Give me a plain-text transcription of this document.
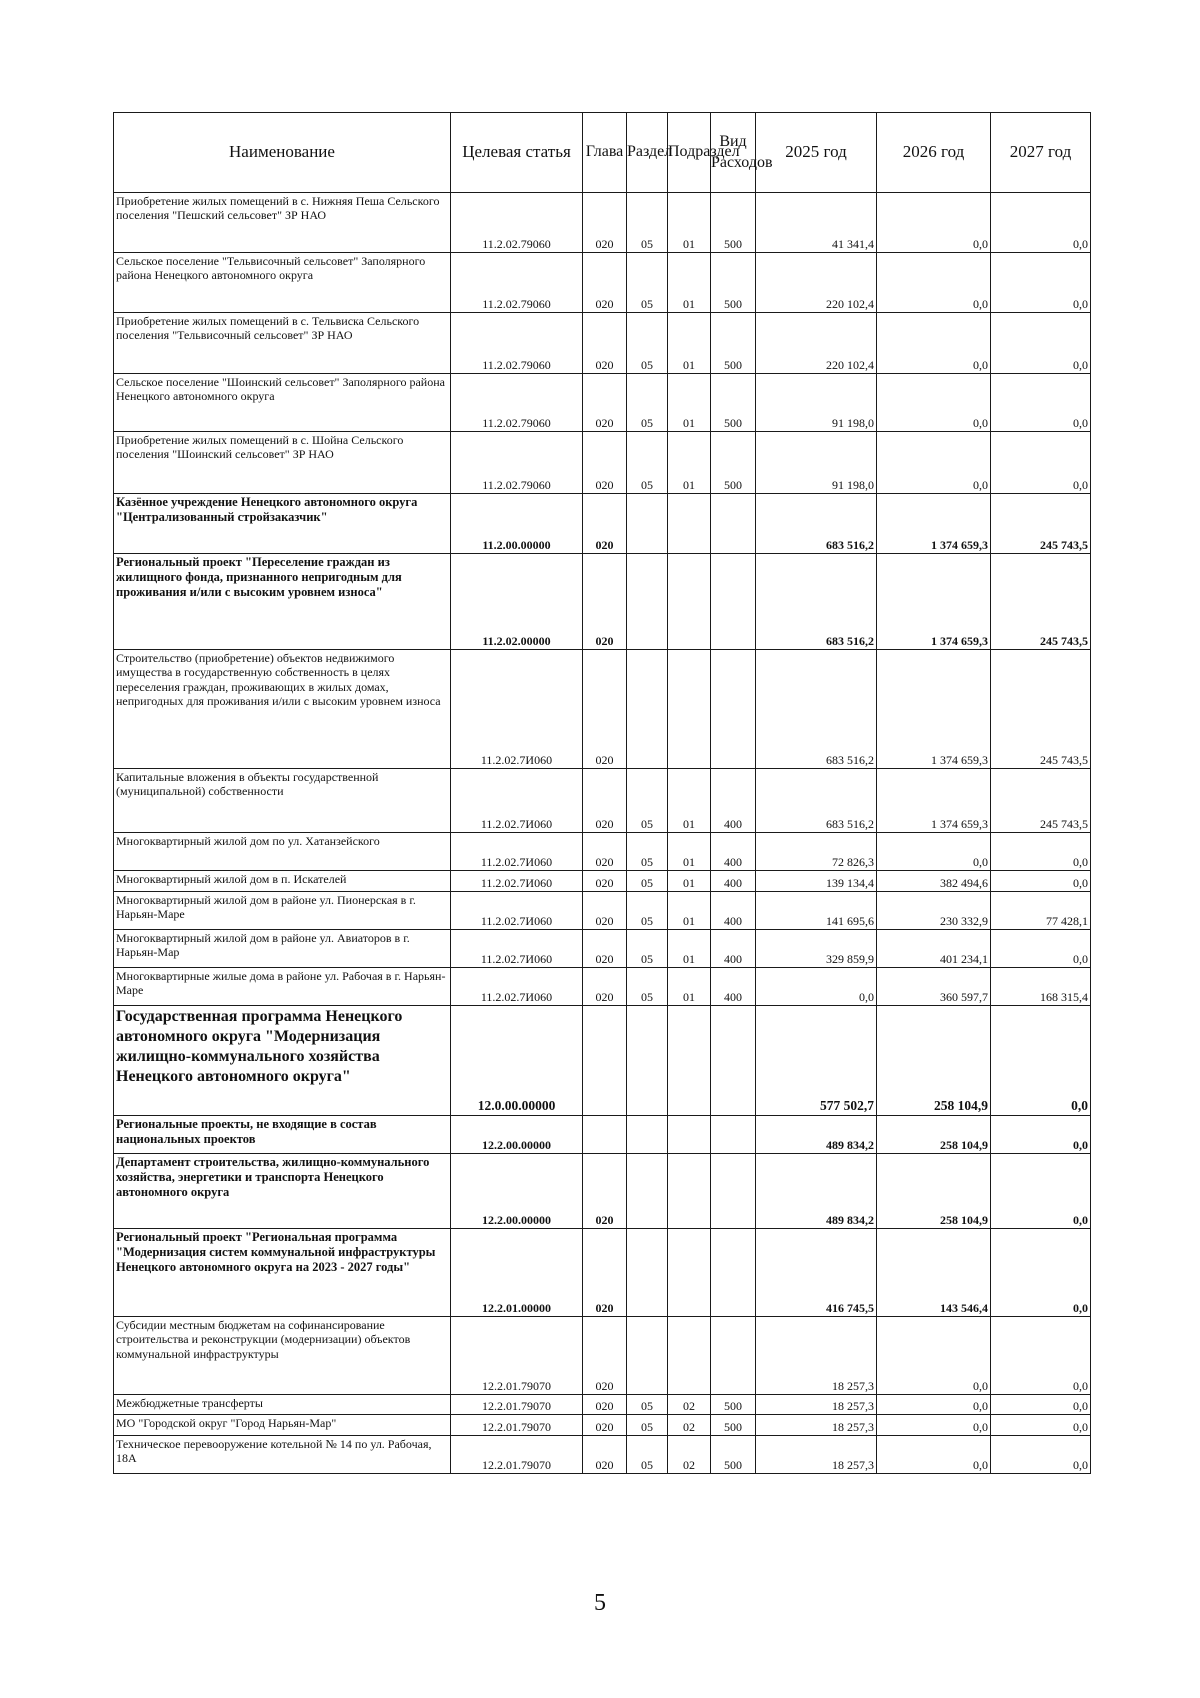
Наименование	Целевая статья	Глава	Раздел	Подраздел	Вид Расходов	2025 год	2026 год	2027 год
Приобретение жилых помещений в с. Нижняя Пеша Сельского поселения "Пешский сельсовет" ЗР НАО	11.2.02.79060	020	05	01	500	41 341,4	0,0	0,0
Сельское поселение "Тельвисочный сельсовет" Заполярного района Ненецкого автономного округа	11.2.02.79060	020	05	01	500	220 102,4	0,0	0,0
Приобретение жилых помещений в с. Тельвиска Сельского поселения "Тельвисочный сельсовет" ЗР НАО	11.2.02.79060	020	05	01	500	220 102,4	0,0	0,0
Сельское поселение "Шоинский сельсовет" Заполярного района Ненецкого автономного округа	11.2.02.79060	020	05	01	500	91 198,0	0,0	0,0
Приобретение жилых помещений в с. Шойна Сельского поселения "Шоинский сельсовет" ЗР НАО	11.2.02.79060	020	05	01	500	91 198,0	0,0	0,0
Казённое учреждение Ненецкого автономного округа "Централизованный стройзаказчик"	11.2.00.00000	020				683 516,2	1 374 659,3	245 743,5
Региональный проект "Переселение граждан из жилищного фонда, признанного непригодным для проживания и/или с высоким уровнем износа"	11.2.02.00000	020				683 516,2	1 374 659,3	245 743,5
Строительство (приобретение) объектов недвижимого имущества в государственную собственность в целях переселения граждан, проживающих в жилых домах, непригодных для проживания и/или с высоким уровнем износа	11.2.02.7И060	020				683 516,2	1 374 659,3	245 743,5
Капитальные вложения в объекты государственной (муниципальной) собственности	11.2.02.7И060	020	05	01	400	683 516,2	1 374 659,3	245 743,5
Многоквартирный жилой дом по ул. Хатанзейского	11.2.02.7И060	020	05	01	400	72 826,3	0,0	0,0
Многоквартирный жилой дом в п. Искателей	11.2.02.7И060	020	05	01	400	139 134,4	382 494,6	0,0
Многоквартирный жилой дом в районе ул. Пионерская в г. Нарьян-Маре	11.2.02.7И060	020	05	01	400	141 695,6	230 332,9	77 428,1
Многоквартирный жилой дом в районе ул. Авиаторов в г. Нарьян-Мар	11.2.02.7И060	020	05	01	400	329 859,9	401 234,1	0,0
Многоквартирные жилые дома в районе ул. Рабочая в г. Нарьян-Маре	11.2.02.7И060	020	05	01	400	0,0	360 597,7	168 315,4
Государственная программа Ненецкого автономного округа "Модернизация жилищно-коммунального хозяйства Ненецкого автономного округа"	12.0.00.00000					577 502,7	258 104,9	0,0
Региональные проекты, не входящие в состав национальных проектов	12.2.00.00000					489 834,2	258 104,9	0,0
Департамент строительства, жилищно-коммунального хозяйства, энергетики и транспорта Ненецкого автономного округа	12.2.00.00000	020				489 834,2	258 104,9	0,0
Региональный проект "Региональная программа "Модернизация систем коммунальной инфраструктуры Ненецкого автономного округа на 2023 - 2027 годы"	12.2.01.00000	020				416 745,5	143 546,4	0,0
Субсидии местным бюджетам на софинансирование строительства и реконструкции (модернизации) объектов коммунальной инфраструктуры	12.2.01.79070	020				18 257,3	0,0	0,0
Межбюджетные трансферты	12.2.01.79070	020	05	02	500	18 257,3	0,0	0,0
МО "Городской округ "Город Нарьян-Мар"	12.2.01.79070	020	05	02	500	18 257,3	0,0	0,0
Техническое перевооружение котельной № 14 по ул. Рабочая, 18А	12.2.01.79070	020	05	02	500	18 257,3	0,0	0,0
5
